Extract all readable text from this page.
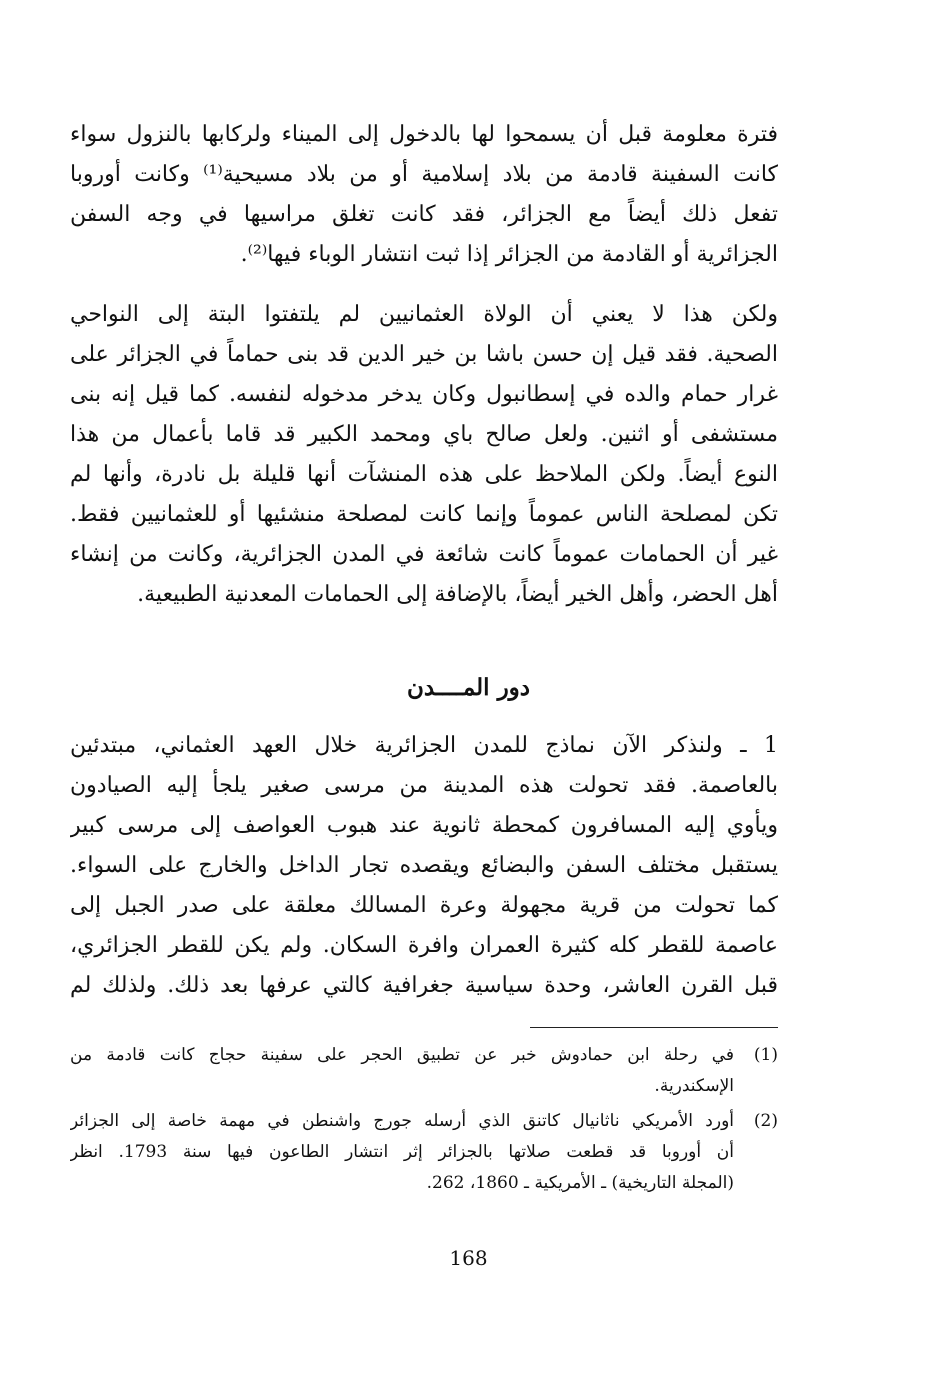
فترة معلومة قبل أن يسمحوا لها بالدخول إلى الميناء ولركابها بالنزول سواء
كانت السفينة قادمة من بلاد إسلامية أو من بلاد مسيحية⁽¹⁾ وكانت أوروبا
تفعل ذلك أيضاً مع الجزائر، فقد كانت تغلق مراسيها في وجه السفن
الجزائرية أو القادمة من الجزائر إذا ثبت انتشار الوباء فيها⁽²⁾.
ولكن هذا لا يعني أن الولاة العثمانيين لم يلتفتوا البتة إلى النواحي
الصحية. فقد قيل إن حسن باشا بن خير الدين قد بنى حماماً في الجزائر على
غرار حمام والده في إسطانبول وكان يدخر مدخوله لنفسه. كما قيل إنه بنى
مستشفى أو اثنين. ولعل صالح باي ومحمد الكبير قد قاما بأعمال من هذا
النوع أيضاً. ولكن الملاحظ على هذه المنشآت أنها قليلة بل نادرة، وأنها لم
تكن لمصلحة الناس عموماً وإنما كانت لمصلحة منشئيها أو للعثمانيين فقط.
غير أن الحمامات عموماً كانت شائعة في المدن الجزائرية، وكانت من إنشاء
أهل الحضر، وأهل الخير أيضاً، بالإضافة إلى الحمامات المعدنية الطبيعية.
دور المــــدن
1 ـ ولنذكر الآن نماذج للمدن الجزائرية خلال العهد العثماني، مبتدئين
بالعاصمة. فقد تحولت هذه المدينة من مرسى صغير يلجأ إليه الصيادون
ويأوي إليه المسافرون كمحطة ثانوية عند هبوب العواصف إلى مرسى كبير
يستقبل مختلف السفن والبضائع ويقصده تجار الداخل والخارج على السواء.
كما تحولت من قرية مجهولة وعرة المسالك معلقة على صدر الجبل إلى
عاصمة للقطر كله كثيرة العمران وافرة السكان. ولم يكن للقطر الجزائري،
قبل القرن العاشر، وحدة سياسية جغرافية كالتي عرفها بعد ذلك. ولذلك لم
(1)
في رحلة ابن حمادوش خبر عن تطبيق الحجر على سفينة حجاج كانت قادمة من
الإسكندرية.
(2)
أورد الأمريكي ناثانيال كاتنق الذي أرسله جورج واشنطن في مهمة خاصة إلى الجزائر
أن أوروبا قد قطعت صلاتها بالجزائر إثر انتشار الطاعون فيها سنة 1793. انظر
(المجلة التاريخية) ـ الأمريكية ـ 1860، 262.
168
